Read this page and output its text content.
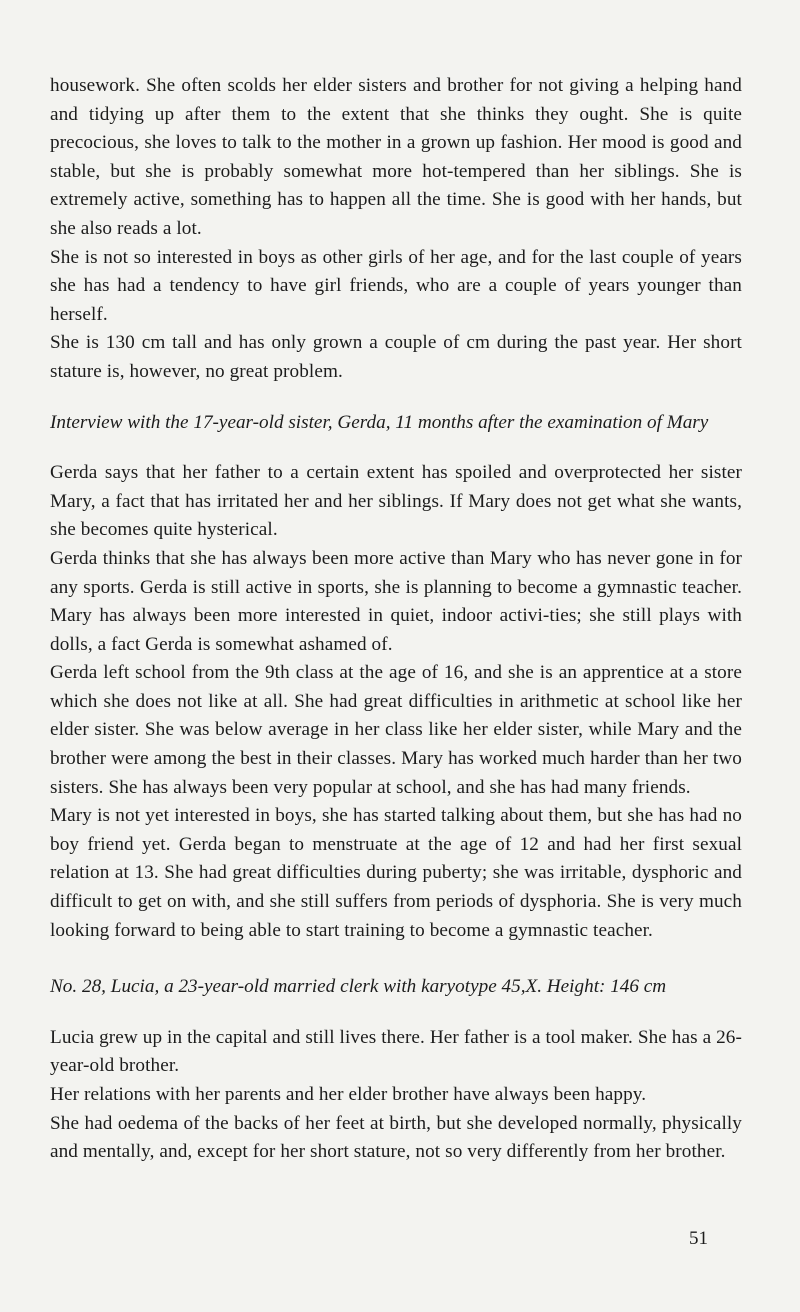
housework. She often scolds her elder sisters and brother for not giving a helping hand and tidying up after them to the extent that she thinks they ought. She is quite precocious, she loves to talk to the mother in a grown up fashion. Her mood is good and stable, but she is probably somewhat more hot-tempered than her siblings. She is extremely active, something has to happen all the time. She is good with her hands, but she also reads a lot.

She is not so interested in boys as other girls of her age, and for the last couple of years she has had a tendency to have girl friends, who are a couple of years younger than herself.

She is 130 cm tall and has only grown a couple of cm during the past year. Her short stature is, however, no great problem.

Interview with the 17-year-old sister, Gerda, 11 months after the examination of Mary

Gerda says that her father to a certain extent has spoiled and overprotected her sister Mary, a fact that has irritated her and her siblings. If Mary does not get what she wants, she becomes quite hysterical.

Gerda thinks that she has always been more active than Mary who has never gone in for any sports. Gerda is still active in sports, she is planning to become a gymnastic teacher. Mary has always been more interested in quiet, indoor activi-ties; she still plays with dolls, a fact Gerda is somewhat ashamed of.

Gerda left school from the 9th class at the age of 16, and she is an apprentice at a store which she does not like at all. She had great difficulties in arithmetic at school like her elder sister. She was below average in her class like her elder sister, while Mary and the brother were among the best in their classes. Mary has worked much harder than her two sisters. She has always been very popular at school, and she has had many friends.

Mary is not yet interested in boys, she has started talking about them, but she has had no boy friend yet. Gerda began to menstruate at the age of 12 and had her first sexual relation at 13. She had great difficulties during puberty; she was irritable, dysphoric and difficult to get on with, and she still suffers from periods of dysphoria. She is very much looking forward to being able to start training to become a gymnastic teacher.

No. 28, Lucia, a 23-year-old married clerk with karyotype 45,X. Height: 146 cm

Lucia grew up in the capital and still lives there. Her father is a tool maker. She has a 26-year-old brother.

Her relations with her parents and her elder brother have always been happy.

She had oedema of the backs of her feet at birth, but she developed normally, physically and mentally, and, except for her short stature, not so very differently from her brother.

51
